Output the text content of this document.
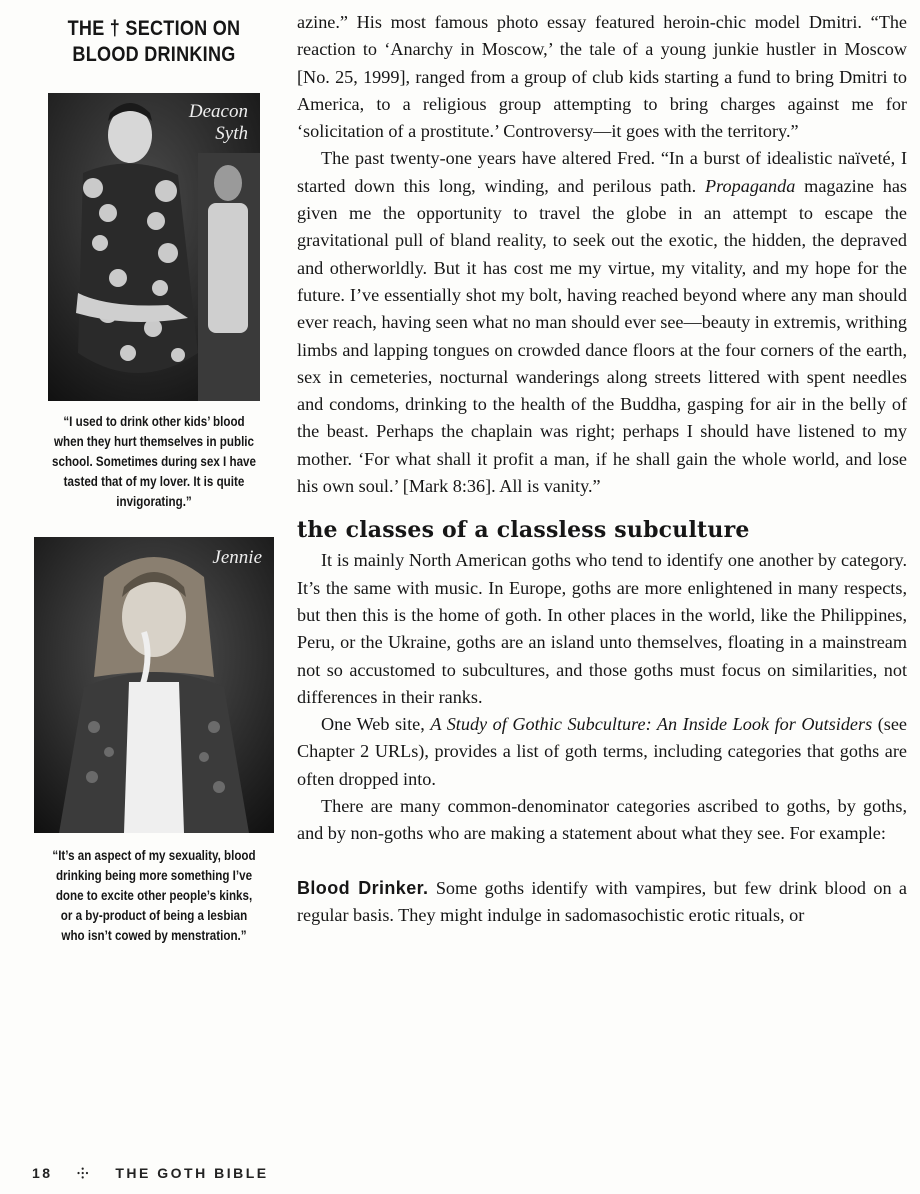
THE † SECTION ON
BLOOD DRINKING
Deacon
Syth
“I used to drink other kids’ blood when they hurt themselves in public school. Sometimes during sex I have tasted that of my lover. It is quite invigorating.”
Jennie
“It’s an aspect of my sexuality, blood drinking being more something I’ve done to excite other people’s kinks, or a by-product of being a lesbian who isn’t cowed by menstration.”

azine.” His most famous photo essay featured heroin-chic model Dmitri. “The reaction to ‘Anarchy in Moscow,’ the tale of a young junkie hustler in Moscow [No. 25, 1999], ranged from a group of club kids starting a fund to bring Dmitri to America, to a religious group attempting to bring charges against me for ‘solicitation of a prostitute.’ Controversy—it goes with the territory.”

The past twenty-one years have altered Fred. “In a burst of idealistic naïveté, I started down this long, winding, and perilous path. Propaganda magazine has given me the opportunity to travel the globe in an attempt to escape the gravitational pull of bland reality, to seek out the exotic, the hidden, the depraved and otherworldly. But it has cost me my virtue, my vitality, and my hope for the future. I’ve essentially shot my bolt, having reached beyond where any man should ever reach, having seen what no man should ever see—beauty in extremis, writhing limbs and lapping tongues on crowded dance floors at the four corners of the earth, sex in cemeteries, nocturnal wanderings along streets littered with spent needles and condoms, drinking to the health of the Buddha, gasping for air in the belly of the beast. Perhaps the chaplain was right; perhaps I should have listened to my mother. ‘For what shall it profit a man, if he shall gain the whole world, and lose his own soul.’ [Mark 8:36]. All is vanity.”

the classes of a classless subculture

It is mainly North American goths who tend to identify one another by category. It’s the same with music. In Europe, goths are more enlightened in many respects, but then this is the home of goth. In other places in the world, like the Philippines, Peru, or the Ukraine, goths are an island unto themselves, floating in a mainstream not so accustomed to subcultures, and those goths must focus on similarities, not differences in their ranks.

One Web site, A Study of Gothic Subculture: An Inside Look for Outsiders (see Chapter 2 URLs), provides a list of goth terms, including categories that goths are often dropped into.

There are many common-denominator categories ascribed to goths, by goths, and by non-goths who are making a statement about what they see. For example:

Blood Drinker. Some goths identify with vampires, but few drink blood on a regular basis. They might indulge in sadomasochistic erotic rituals, or

18 ⸭ THE GOTH BIBLE
